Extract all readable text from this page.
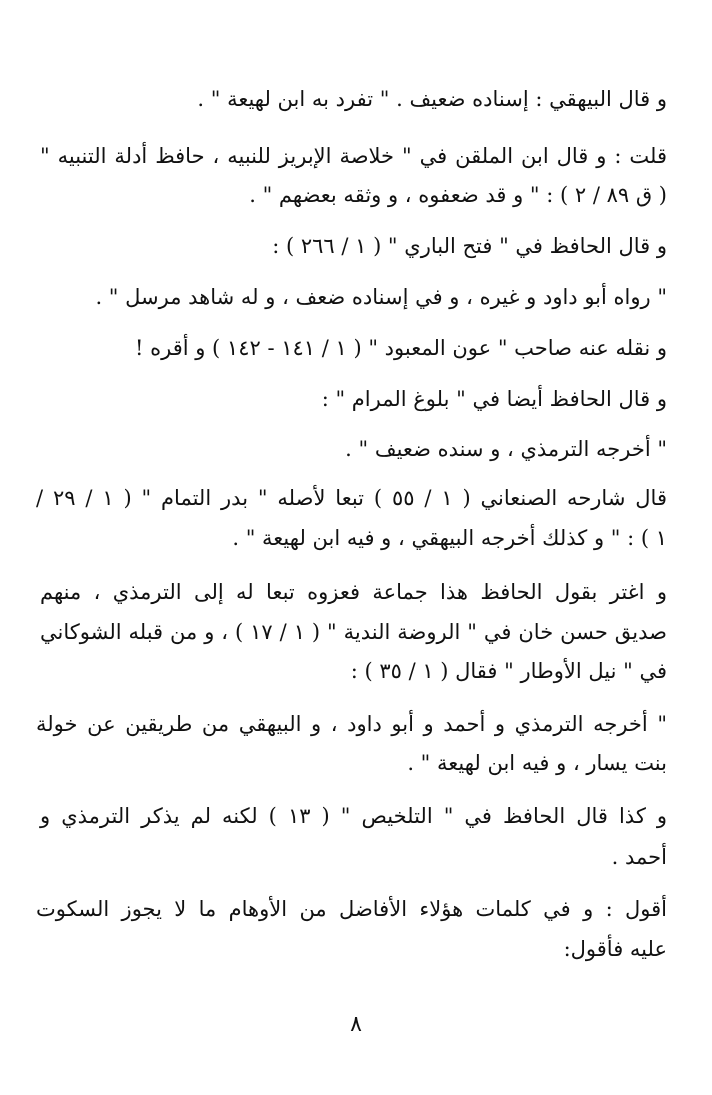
و قال البيهقي : إسناده ضعيف . " تفرد به ابن لهيعة " .
قلت : و قال ابن الملقن في " خلاصة الإبريز للنبيه ، حافظ أدلة التنبيه "
( ق ٨٩ / ٢ ) : " و قد ضعفوه ، و وثقه بعضهم " .
و قال الحافظ في " فتح الباري " ( ١ / ٢٦٦ ) :
" رواه أبو داود و غيره ، و في إسناده ضعف ، و له شاهد مرسل " .
و نقله عنه صاحب " عون المعبود " ( ١ / ١٤١ - ١٤٢ ) و أقره !
و قال الحافظ أيضا في " بلوغ المرام " :
" أخرجه الترمذي ، و سنده ضعيف " .
قال شارحه الصنعاني ( ١ / ٥٥ ) تبعا لأصله " بدر التمام " ( ١ / ٢٩ /
١ ) : " و كذلك أخرجه البيهقي ، و فيه ابن لهيعة " .
و اغتر بقول الحافظ هذا جماعة فعزوه تبعا له إلى الترمذي ، منهم
صديق حسن خان في " الروضة الندية " ( ١ / ١٧ ) ، و من قبله الشوكاني
في " نيل الأوطار " فقال ( ١ / ٣٥ ) :
" أخرجه الترمذي و أحمد و أبو داود ، و البيهقي من طريقين عن خولة
بنت يسار ، و فيه ابن لهيعة " .
و كذا قال الحافظ في " التلخيص " ( ١٣ ) لكنه لم يذكر الترمذي و
أحمد .
أقول : و في كلمات هؤلاء الأفاضل من الأوهام ما لا يجوز السكوت
عليه فأقول:
٨
